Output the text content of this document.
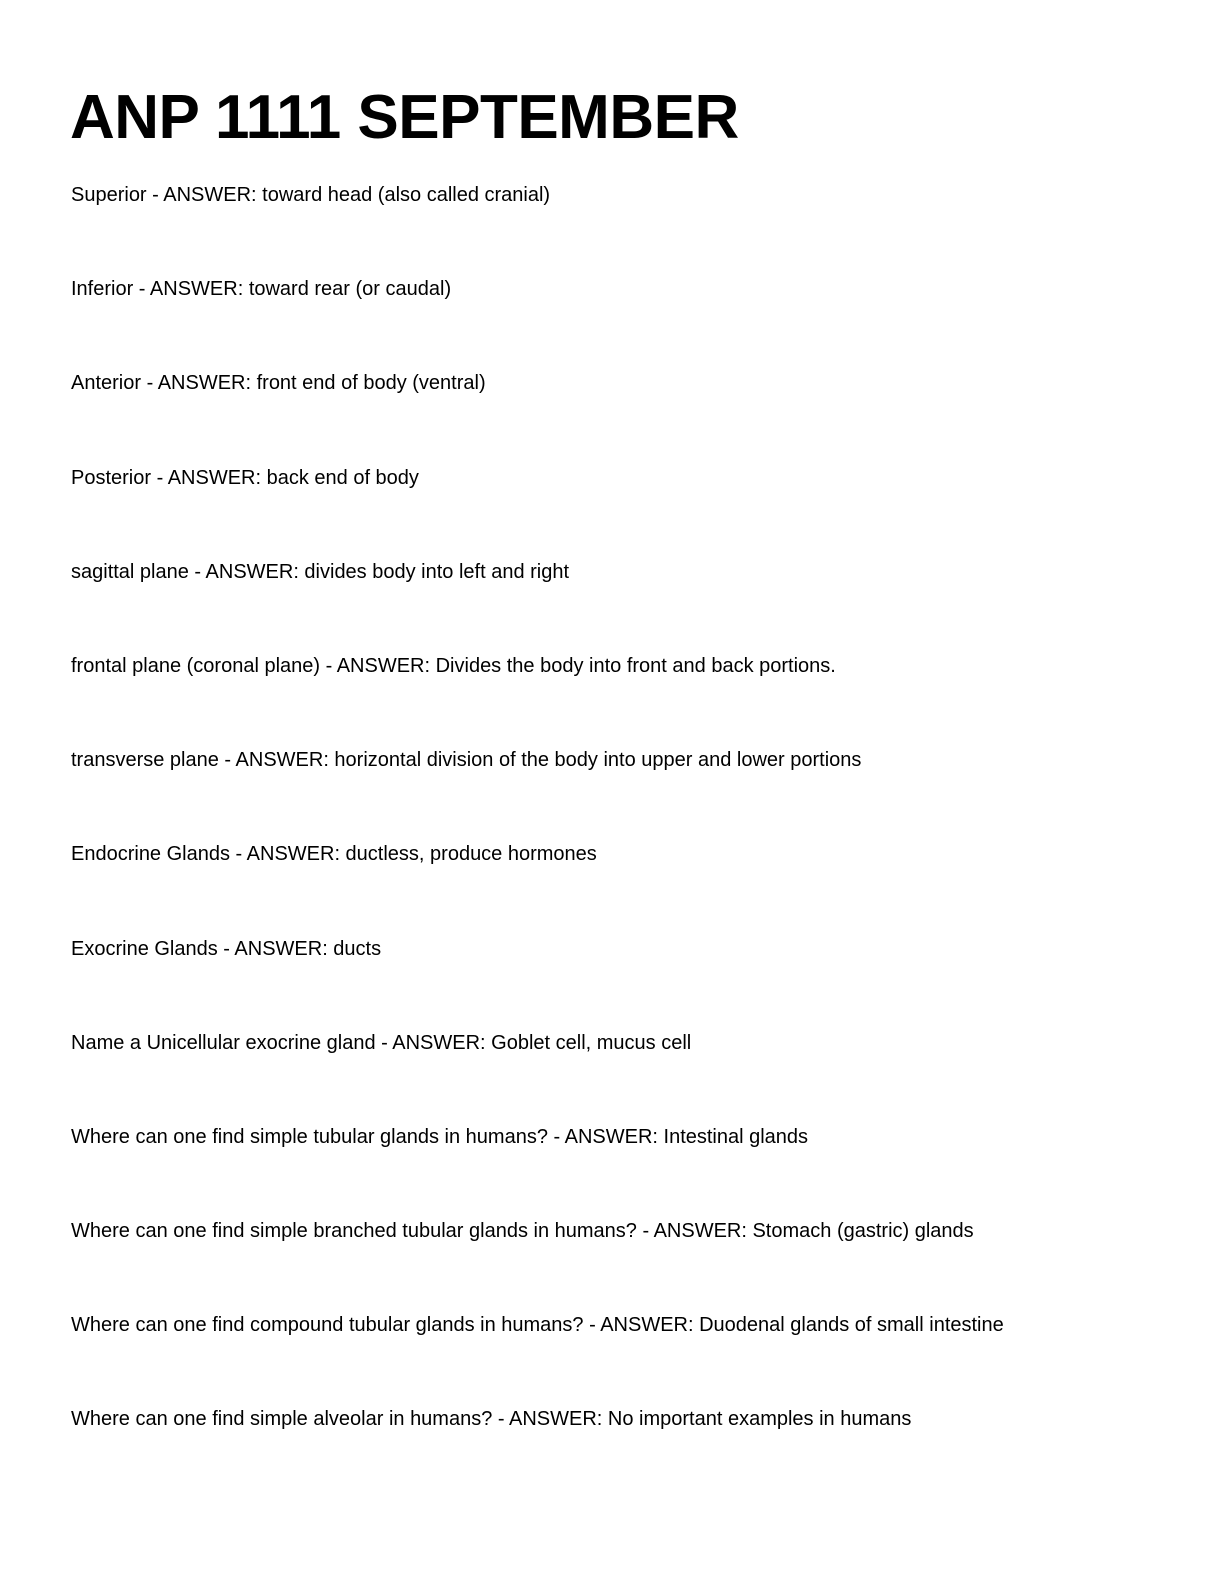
ANP 1111 SEPTEMBER
Superior - ANSWER: toward head (also called cranial)
Inferior - ANSWER: toward rear (or caudal)
Anterior - ANSWER: front end of body (ventral)
Posterior - ANSWER: back end of body
sagittal plane - ANSWER: divides body into left and right
frontal plane (coronal plane) - ANSWER: Divides the body into front and back portions.
transverse plane - ANSWER: horizontal division of the body into upper and lower portions
Endocrine Glands - ANSWER: ductless, produce hormones
Exocrine Glands - ANSWER: ducts
Name a Unicellular exocrine gland - ANSWER: Goblet cell, mucus cell
Where can one find simple tubular glands in humans? - ANSWER: Intestinal glands
Where can one find simple branched tubular glands in humans? - ANSWER: Stomach (gastric) glands
Where can one find compound tubular glands in humans? - ANSWER: Duodenal glands of small intestine
Where can one find simple alveolar in humans? - ANSWER: No important examples in humans
